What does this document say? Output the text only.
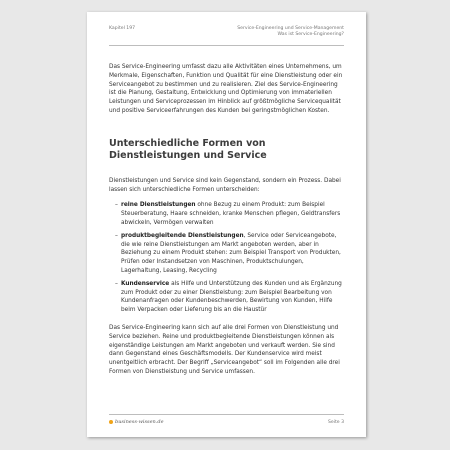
Kapitel 197	Service-Engineering und Service-Management
Was ist Service-Engineering?

Das Service-Engineering umfasst dazu alle Aktivitäten eines Unternehmens, um Merkmale, Eigenschaften, Funktion und Qualität für eine Dienstleistung oder ein Serviceangebot zu bestimmen und zu realisieren. Ziel des Service-Engineering ist die Planung, Gestaltung, Entwicklung und Optimierung von immateriellen Leistungen und Serviceprozessen im Hinblick auf größtmögliche Servicequalität und positive Serviceerfahrungen des Kunden bei geringstmöglichen Kosten.

Unterschiedliche Formen von Dienstleistungen und Service

Dienstleistungen und Service sind kein Gegenstand, sondern ein Prozess. Dabei lassen sich unterschiedliche Formen unterscheiden:

– reine Dienstleistungen ohne Bezug zu einem Produkt: zum Beispiel Steuerberatung, Haare schneiden, kranke Menschen pflegen, Geldtransfers abwickeln, Vermögen verwalten
– produktbegleitende Dienstleistungen, Service oder Serviceangebote, die wie reine Dienstleistungen am Markt angeboten werden, aber in Beziehung zu einem Produkt stehen: zum Beispiel Transport von Produkten, Prüfen oder Instandsetzen von Maschinen, Produktschulungen, Lagerhaltung, Leasing, Recycling
– Kundenservice als Hilfe und Unterstützung des Kunden und als Ergänzung zum Produkt oder zu einer Dienstleistung: zum Beispiel Bearbeitung von Kundenanfragen oder Kundenbeschwerden, Bewirtung von Kunden, Hilfe beim Verpacken oder Lieferung bis an die Haustür

Das Service-Engineering kann sich auf alle drei Formen von Dienstleistung und Service beziehen. Reine und produktbegleitende Dienstleistungen können als eigenständige Leistungen am Markt angeboten und verkauft werden. Sie sind dann Gegenstand eines Geschäftsmodells. Der Kundenservice wird meist unentgeltlich erbracht. Der Begriff „Serviceangebot“ soll im Folgenden alle drei Formen von Dienstleistung und Service umfassen.

business-wissen.de	Seite 3
